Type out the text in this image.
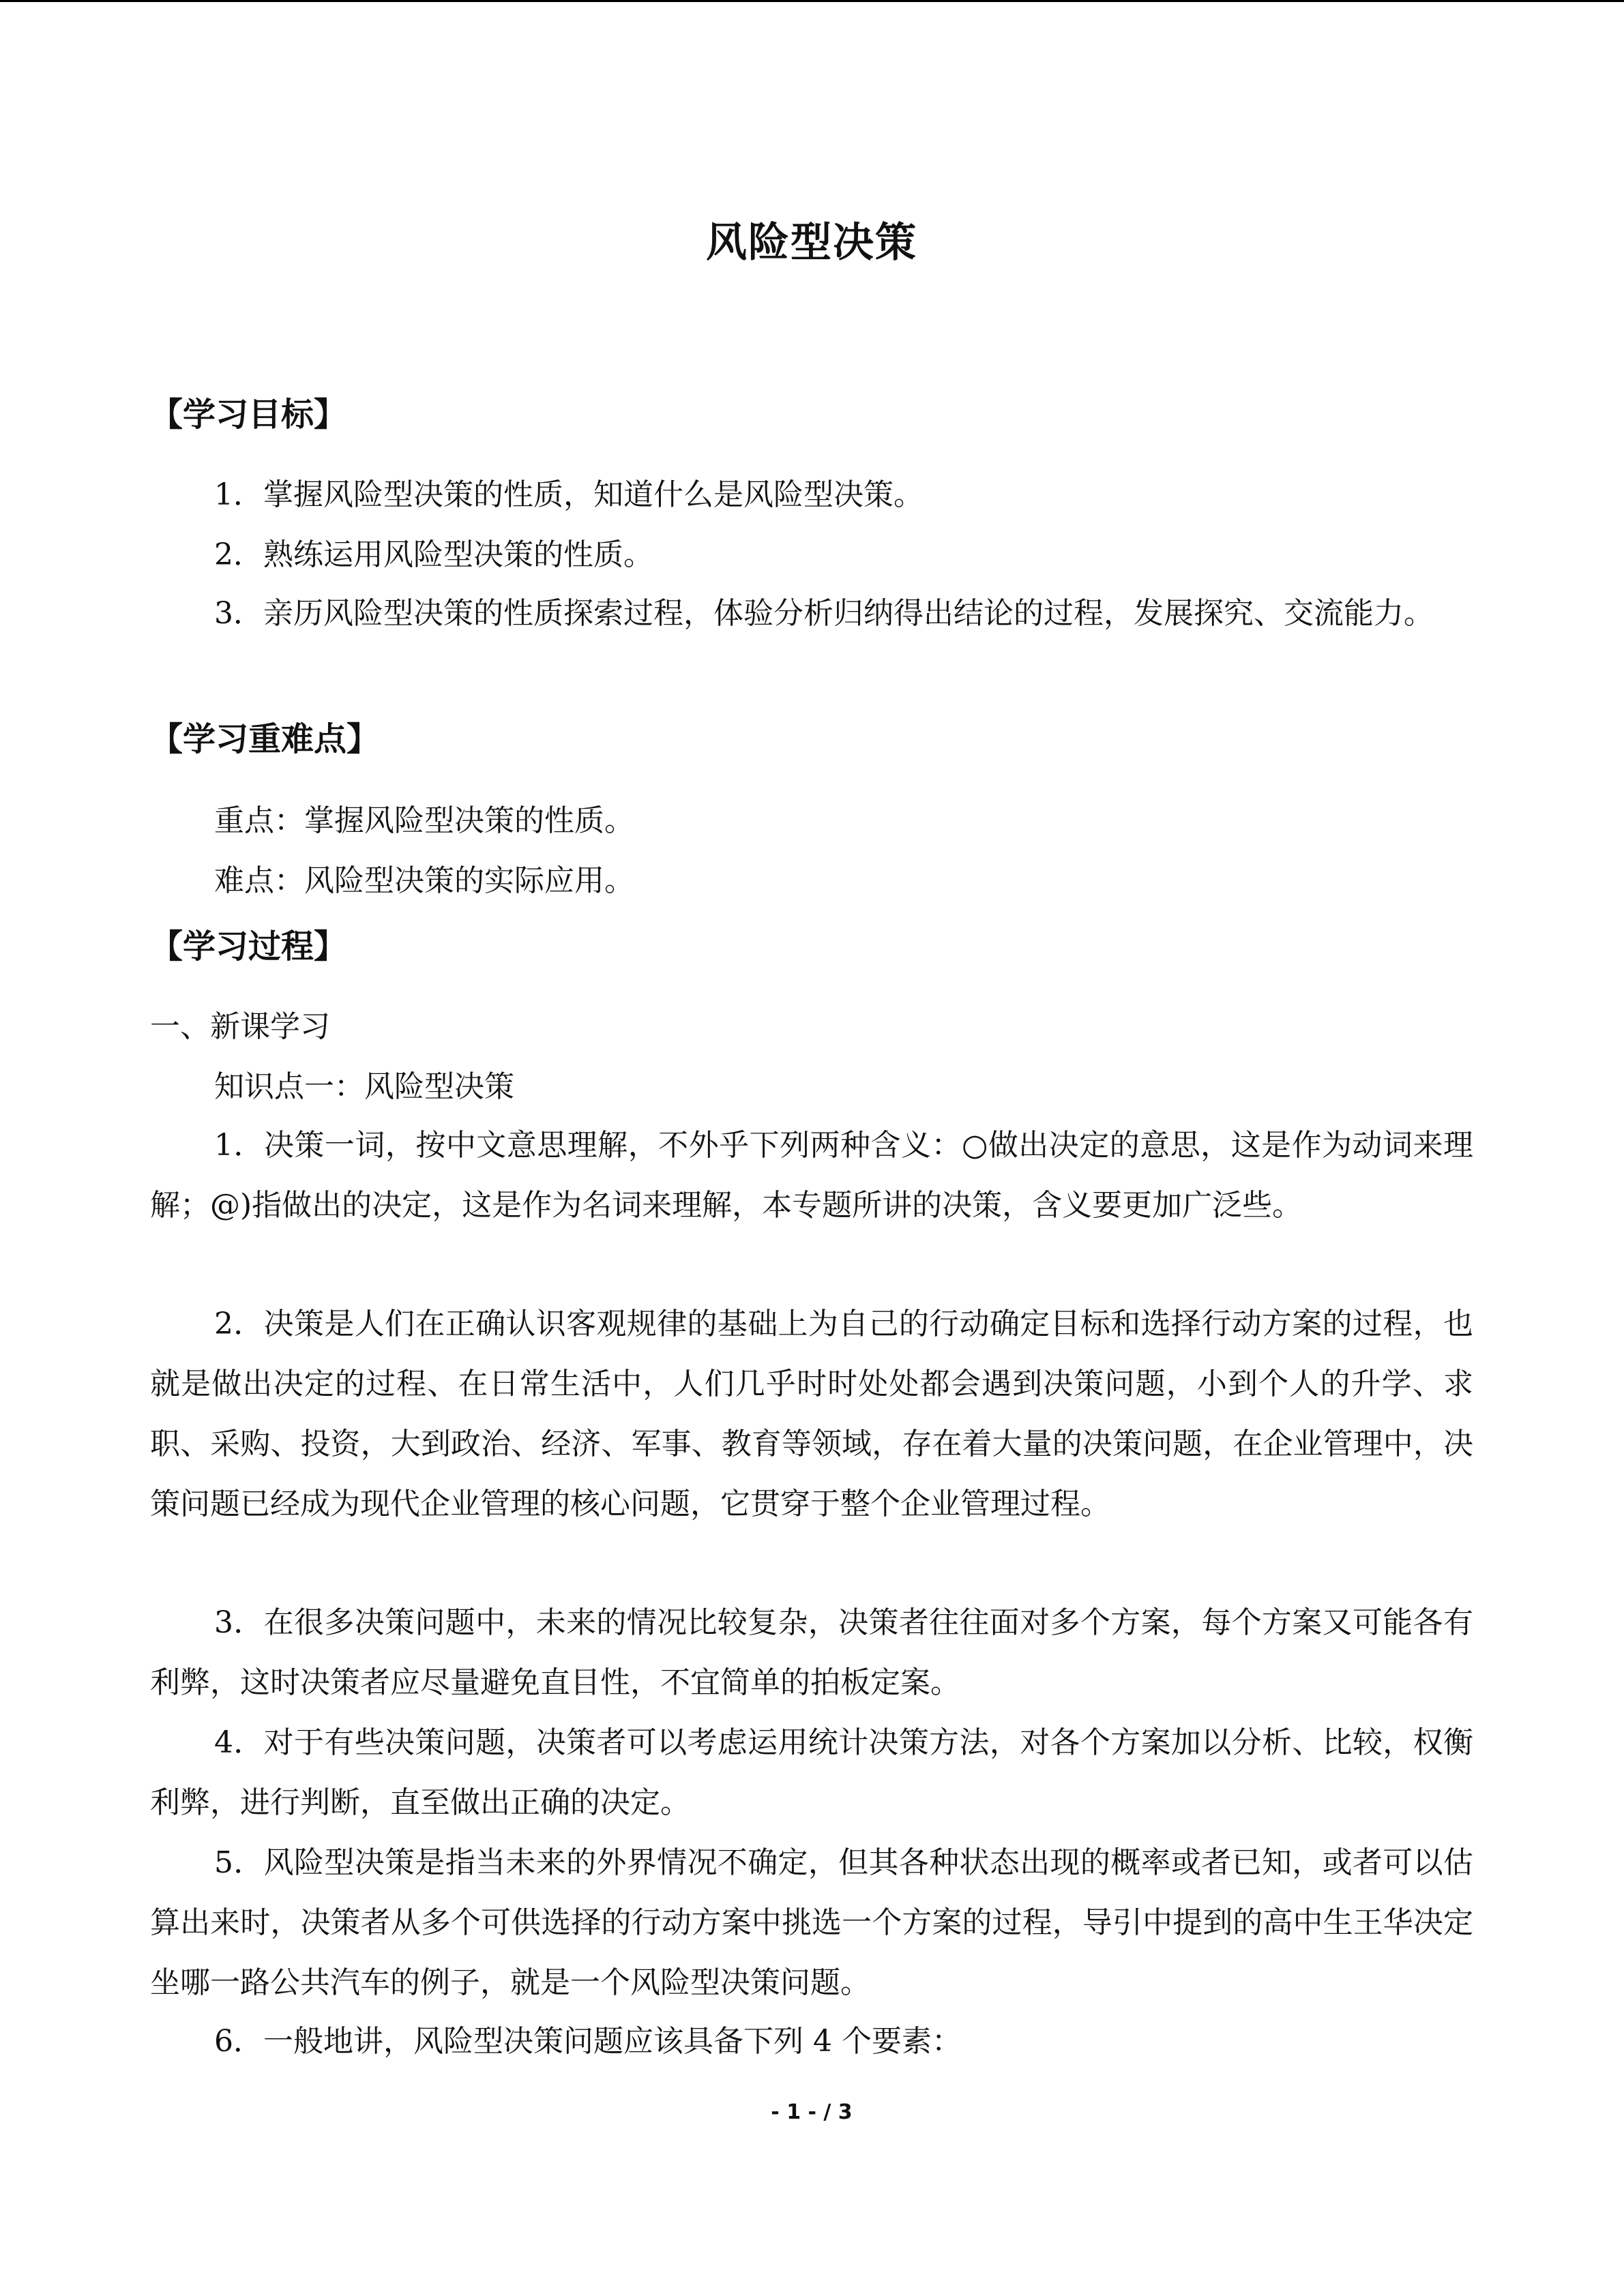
风险型决策
【学习目标】
1．掌握风险型决策的性质，知道什么是风险型决策。
2．熟练运用风险型决策的性质。

3．亲历风险型决策的性质探索过程，体验分析归纳得出结论的过程，发展探究、交流能力。

【学习重难点】
重点：掌握风险型决策的性质。
难点：风险型决策的实际应用。
【学习过程】
一、新课学习
知识点一：风险型决策

1．决策一词，按中文意思理解，不外乎下列两种含义：○做出决定的意思，这是作为动词来理解；@)指做出的决定，这是作为名词来理解，本专题所讲的决策，含义要更加广泛些。

2．决策是人们在正确认识客观规律的基础上为自己的行动确定目标和选择行动方案的过程，也就是做出决定的过程、在日常生活中，人们几乎时时处处都会遇到决策问题，小到个人的升学、求职、采购、投资，大到政治、经济、军事、教育等领域，存在着大量的决策问题，在企业管理中，决策问题已经成为现代企业管理的核心问题，它贯穿于整个企业管理过程。

3．在很多决策问题中，未来的情况比较复杂，决策者往往面对多个方案，每个方案又可能各有利弊，这时决策者应尽量避免直目性，不宜简单的拍板定案。

4．对于有些决策问题，决策者可以考虑运用统计决策方法，对各个方案加以分析、比较，权衡利弊，进行判断，直至做出正确的决定。

5．风险型决策是指当未来的外界情况不确定，但其各种状态出现的概率或者已知，或者可以估算出来时，决策者从多个可供选择的行动方案中挑选一个方案的过程，导引中提到的高中生王华决定坐哪一路公共汽车的例子，就是一个风险型决策问题。

6．一般地讲，风险型决策问题应该具备下列 4 个要素：

- 1 - / 3
